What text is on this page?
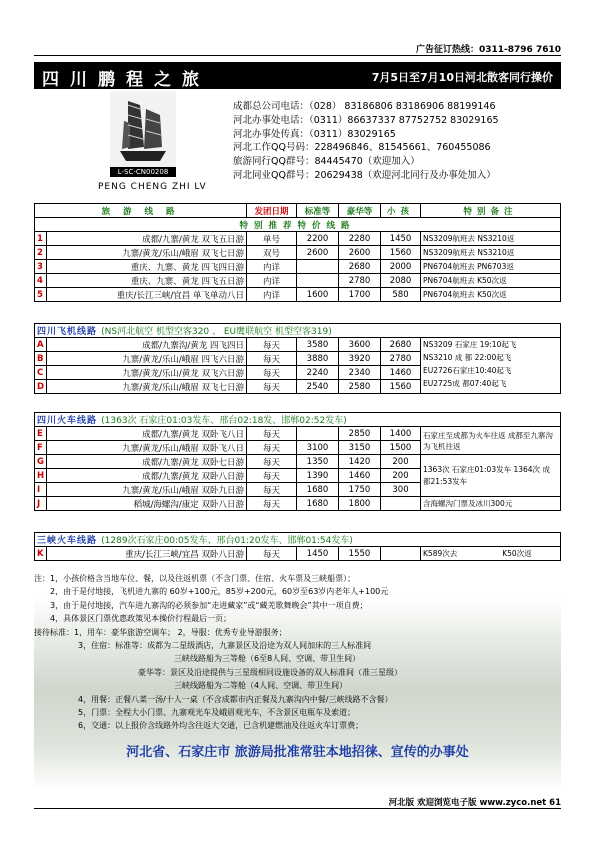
广告征订热线：0311-8796 7610
四川鹏程之旅	7月5日至7月10日河北散客同行操价
L-SC-CN00208
PENG CHENG ZHI LV
成都总公司电话：（028） 83186806 83186906 88199146
河北办事处电话：（0311）86637337 87752752 83029165
河北办事处传真：（0311）83029165
河北工作QQ号码：228496846、81545661、760455086
旅游同行QQ群号：84445470（欢迎加入）
河北同业QQ群号：20629438（欢迎河北同行及办事处加入）
旅 游 线 路		发团日期	标准等	豪华等	小孩	特别备注
特别推荐特价线路						
1	成都/九寨/黄龙 双飞五日游	单号	2200	2280	1450	NS3209航班去 NS3210返
2	九寨/黄龙/乐山/峨眉 双飞七日游	双号	2600	2600	1560	NS3209航班去 NS3210返
3	重庆、九寨、黄龙 四飞四日游	内详		2680	2000	PN6704航班去 PN6703返
4	重庆、九寨、黄龙 四飞五日游	内详		2780	2080	PN6704航班去 K50次返
5	重庆/长江三峡/宜昌 单飞单动八日	内详	1600	1700	580	PN6704航班去 K50次返
四川飞机线路 (NS河北航空 机型空客320 、 EU鹰联航空 机型空客319)						
A	成都/九寨沟/黄龙 四飞四日	每天	3580	3600	2680	NS3209 石家庄 19:10起飞
NS3210 成 都 22:00起飞
EU2726石家庄10:40起飞
EU2725成 都07:40起飞

B	九寨/黄龙/乐山/峨眉 四飞六日游	每天	3880	3920	2780	
C	九寨/黄龙/乐山/黄龙 双飞六日游	每天	2240	2340	1460	
D	九寨/黄龙/乐山/峨眉 双飞七日游	每天	2540	2580	1560	
四川火车线路 (1363次 石家庄01:03发车、邢台02:18发、邯郸02:52发车)						
E	成都/九寨/黄龙 双卧飞八日	每天		2850	1400	石家庄至成都为火车往返 成都至九寨沟为飞机往返
F	九寨/黄龙/乐山/峨眉 双卧飞八日	每天	3100	3150	1500	
G	成都/九寨/黄龙 双卧七日游	每天	1350	1420	200	1363次 石家庄01:03发车 1364次 成 都21:53发车
H	成都/九寨/黄龙 双卧八日游	每天	1390	1460	200	
I	九寨/黄龙/乐山/峨眉 双卧九日游	每天	1680	1750	300	
J	稻城/海螺沟/康定 双卧八日游	每天	1680	1800		含海螺沟门票及冰川300元
三峡火车线路 (1289次石家庄00:05发车、邢台01:20发车、邯郸01:54发车)
K	重庆/长江三峡/宜昌 双卧八日游	每天	1450	1550		K589次去　　　　　　	K50次返
注：1，小孩价格含当地车位、餐，以及往返机票（不含门票、住宿、火车票及三峡船票）；
2，由于是付地接，飞机进九寨的 60岁+100元，85岁+200元，60岁至63岁内老年人+100元
3，由于是付地接，汽车进九寨沟的必须参加“走进藏家”或“藏羌歌舞晚会”其中一项自费；
4，具体景区门票优惠政策见本操价行程最后一页；
接待标准：1，用车：豪华旅游空调车； 2，导服：优秀专业导游服务；
3，住宿：标准等：成都为二星级酒店，九寨景区及沿途为双人间加床的三人标准间
三峡线路船为三等舱（6至8人间、空调、带卫生间）
豪华等：景区及沿途提供与三星级相同设施设备的双人标准间（准三星级）
三峡线路船为二等舱（4人间、空调、带卫生间）
4，用餐：正餐八菜一汤/十人一桌（不含成都市内正餐及九寨沟内中餐/三峡线路不含餐）
5，门票：全程大小门票、九寨观光车及峨眉观光车，不含景区电瓶车及索道；
6，交通：以上报价含线路外均含往返大交通，已含机建燃油及往返火车订票费；
河北省、石家庄市 旅游局批准常驻本地招徕、宣传的办事处
河北版 欢迎浏览电子版 www.zyco.net 61
